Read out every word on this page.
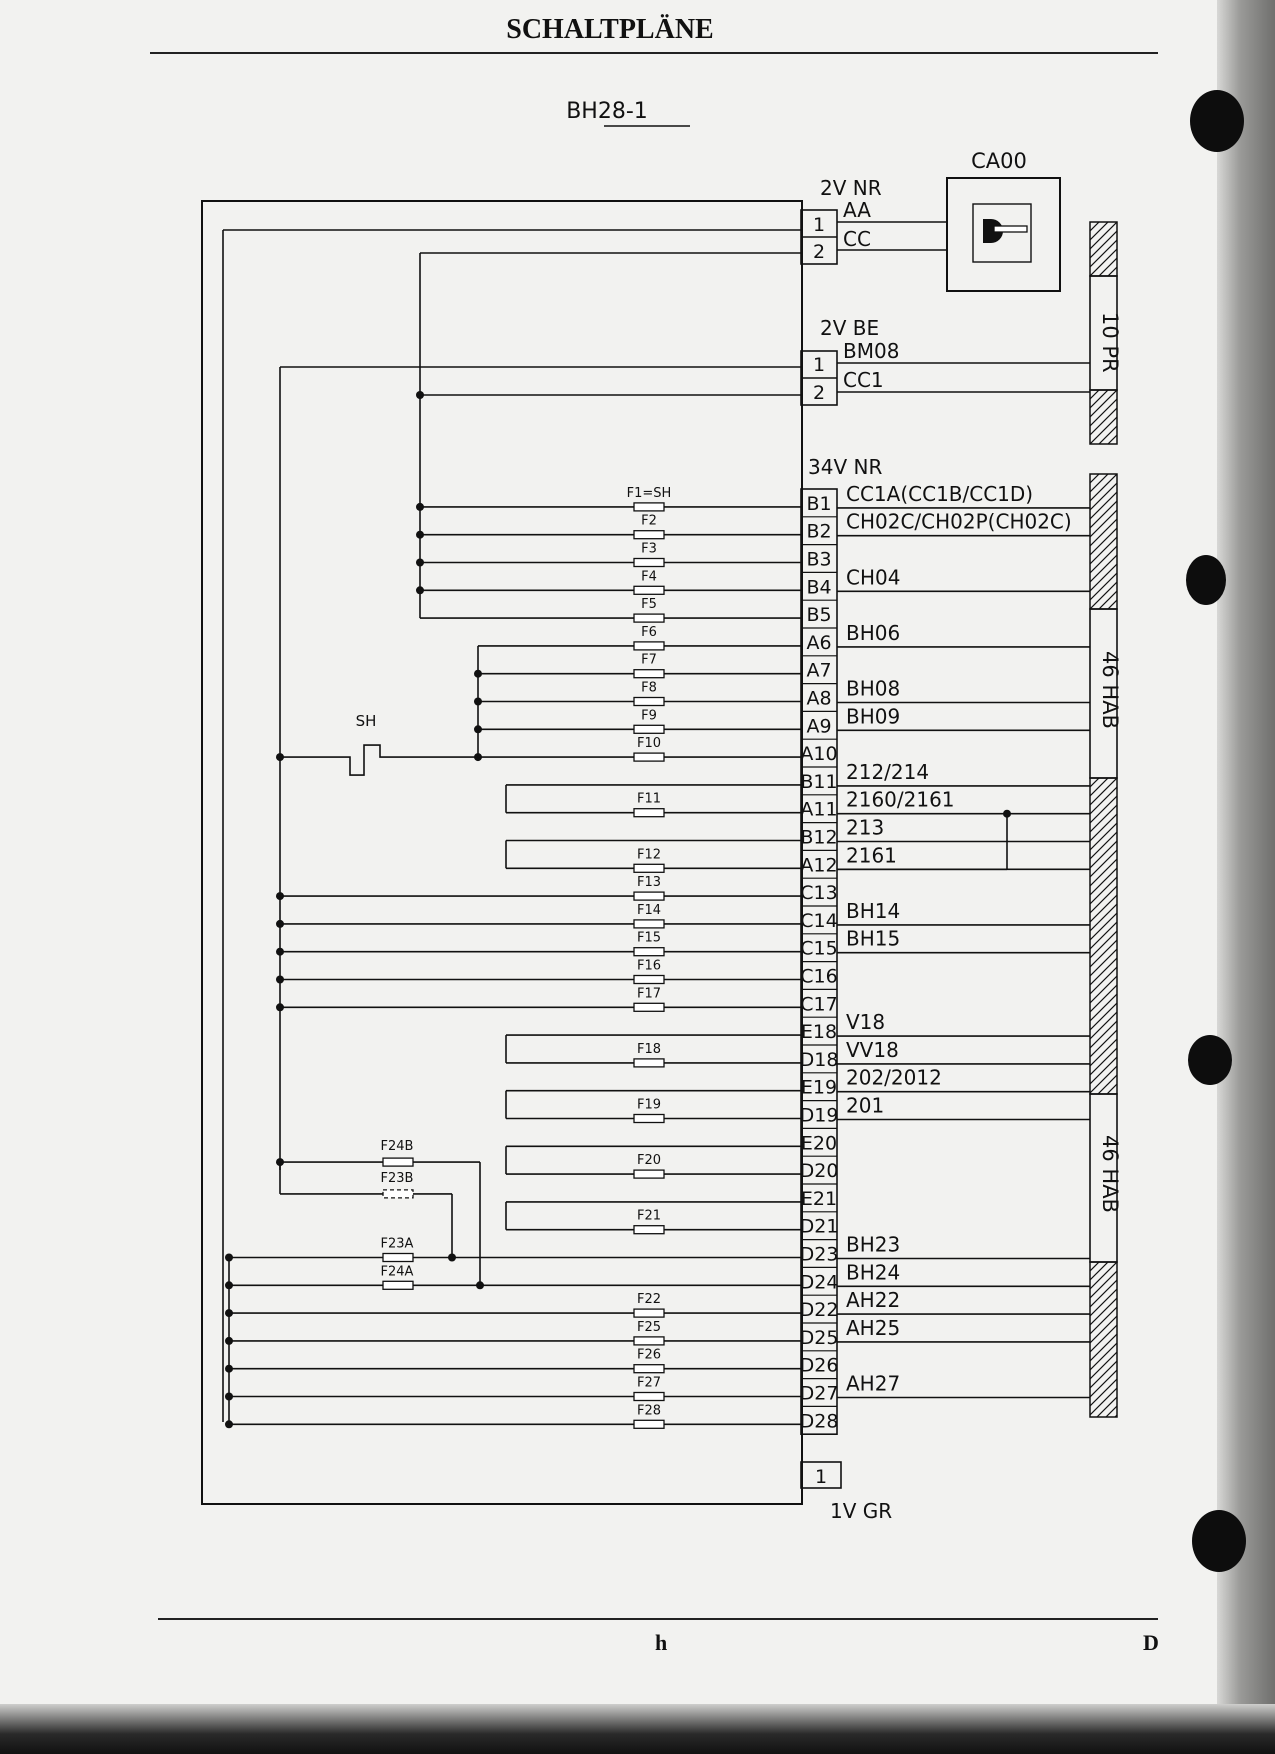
SCHALTPLÄNE
BH28-1
CA00
2V NR
1
2
AA
CC
2V BE
1
2
BM08
CC1
34V NR
B1 CC1A(CC1B/CC1D)
B2 CH02C/CH02P(CH02C)
B3
B4 CH04
B5
A6 BH06
A7
A8 BH08
A9 BH09
A10
B11 212/214
A11 2160/2161
B12 213
A12 2161
C13
C14 BH14
C15 BH15
C16
C17
E18 V18
D18 VV18
E19 202/2012
D19 201
E20
D20
E21
D21
D23 BH23
D24 BH24
D22 AH22
D25 AH25
D26
D27 AH27
D28
10 PR
46 HAB
46 HAB
F1=SH
F2
F3
F4
F5
F6
F7
F8
F9
F10
F11
F12
F13
F14
F15
F16
F17
F18
F19
F20
F21
F22
F25
F26
F27
F28
SH
F24B
F23B
F23A
F24A
1
1V GR
h	D
